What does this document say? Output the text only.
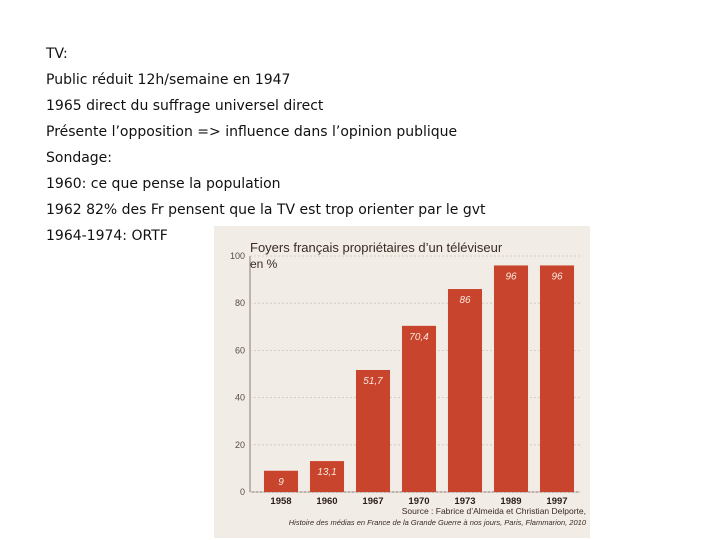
TV:
Public réduit 12h/semaine en 1947
1965 direct du suffrage universel direct
Présente l’opposition => influence dans l’opinion publique
Sondage:
1960: ce que pense la population
1962 82% des Fr pensent que la TV est trop orienter par le gvt
1964-1974: ORTF
Foyers français propriétaires d’un téléviseur
en %
0
20
40
60
80
100
9
1958
13,1
1960
51,7
1967
70,4
1970
86
1973
96
1989
96
1997
Source : Fabrice d’Almeida et Christian Delporte,
Histoire des médias en France de la Grande Guerre à nos jours, Paris, Flammarion, 2010
